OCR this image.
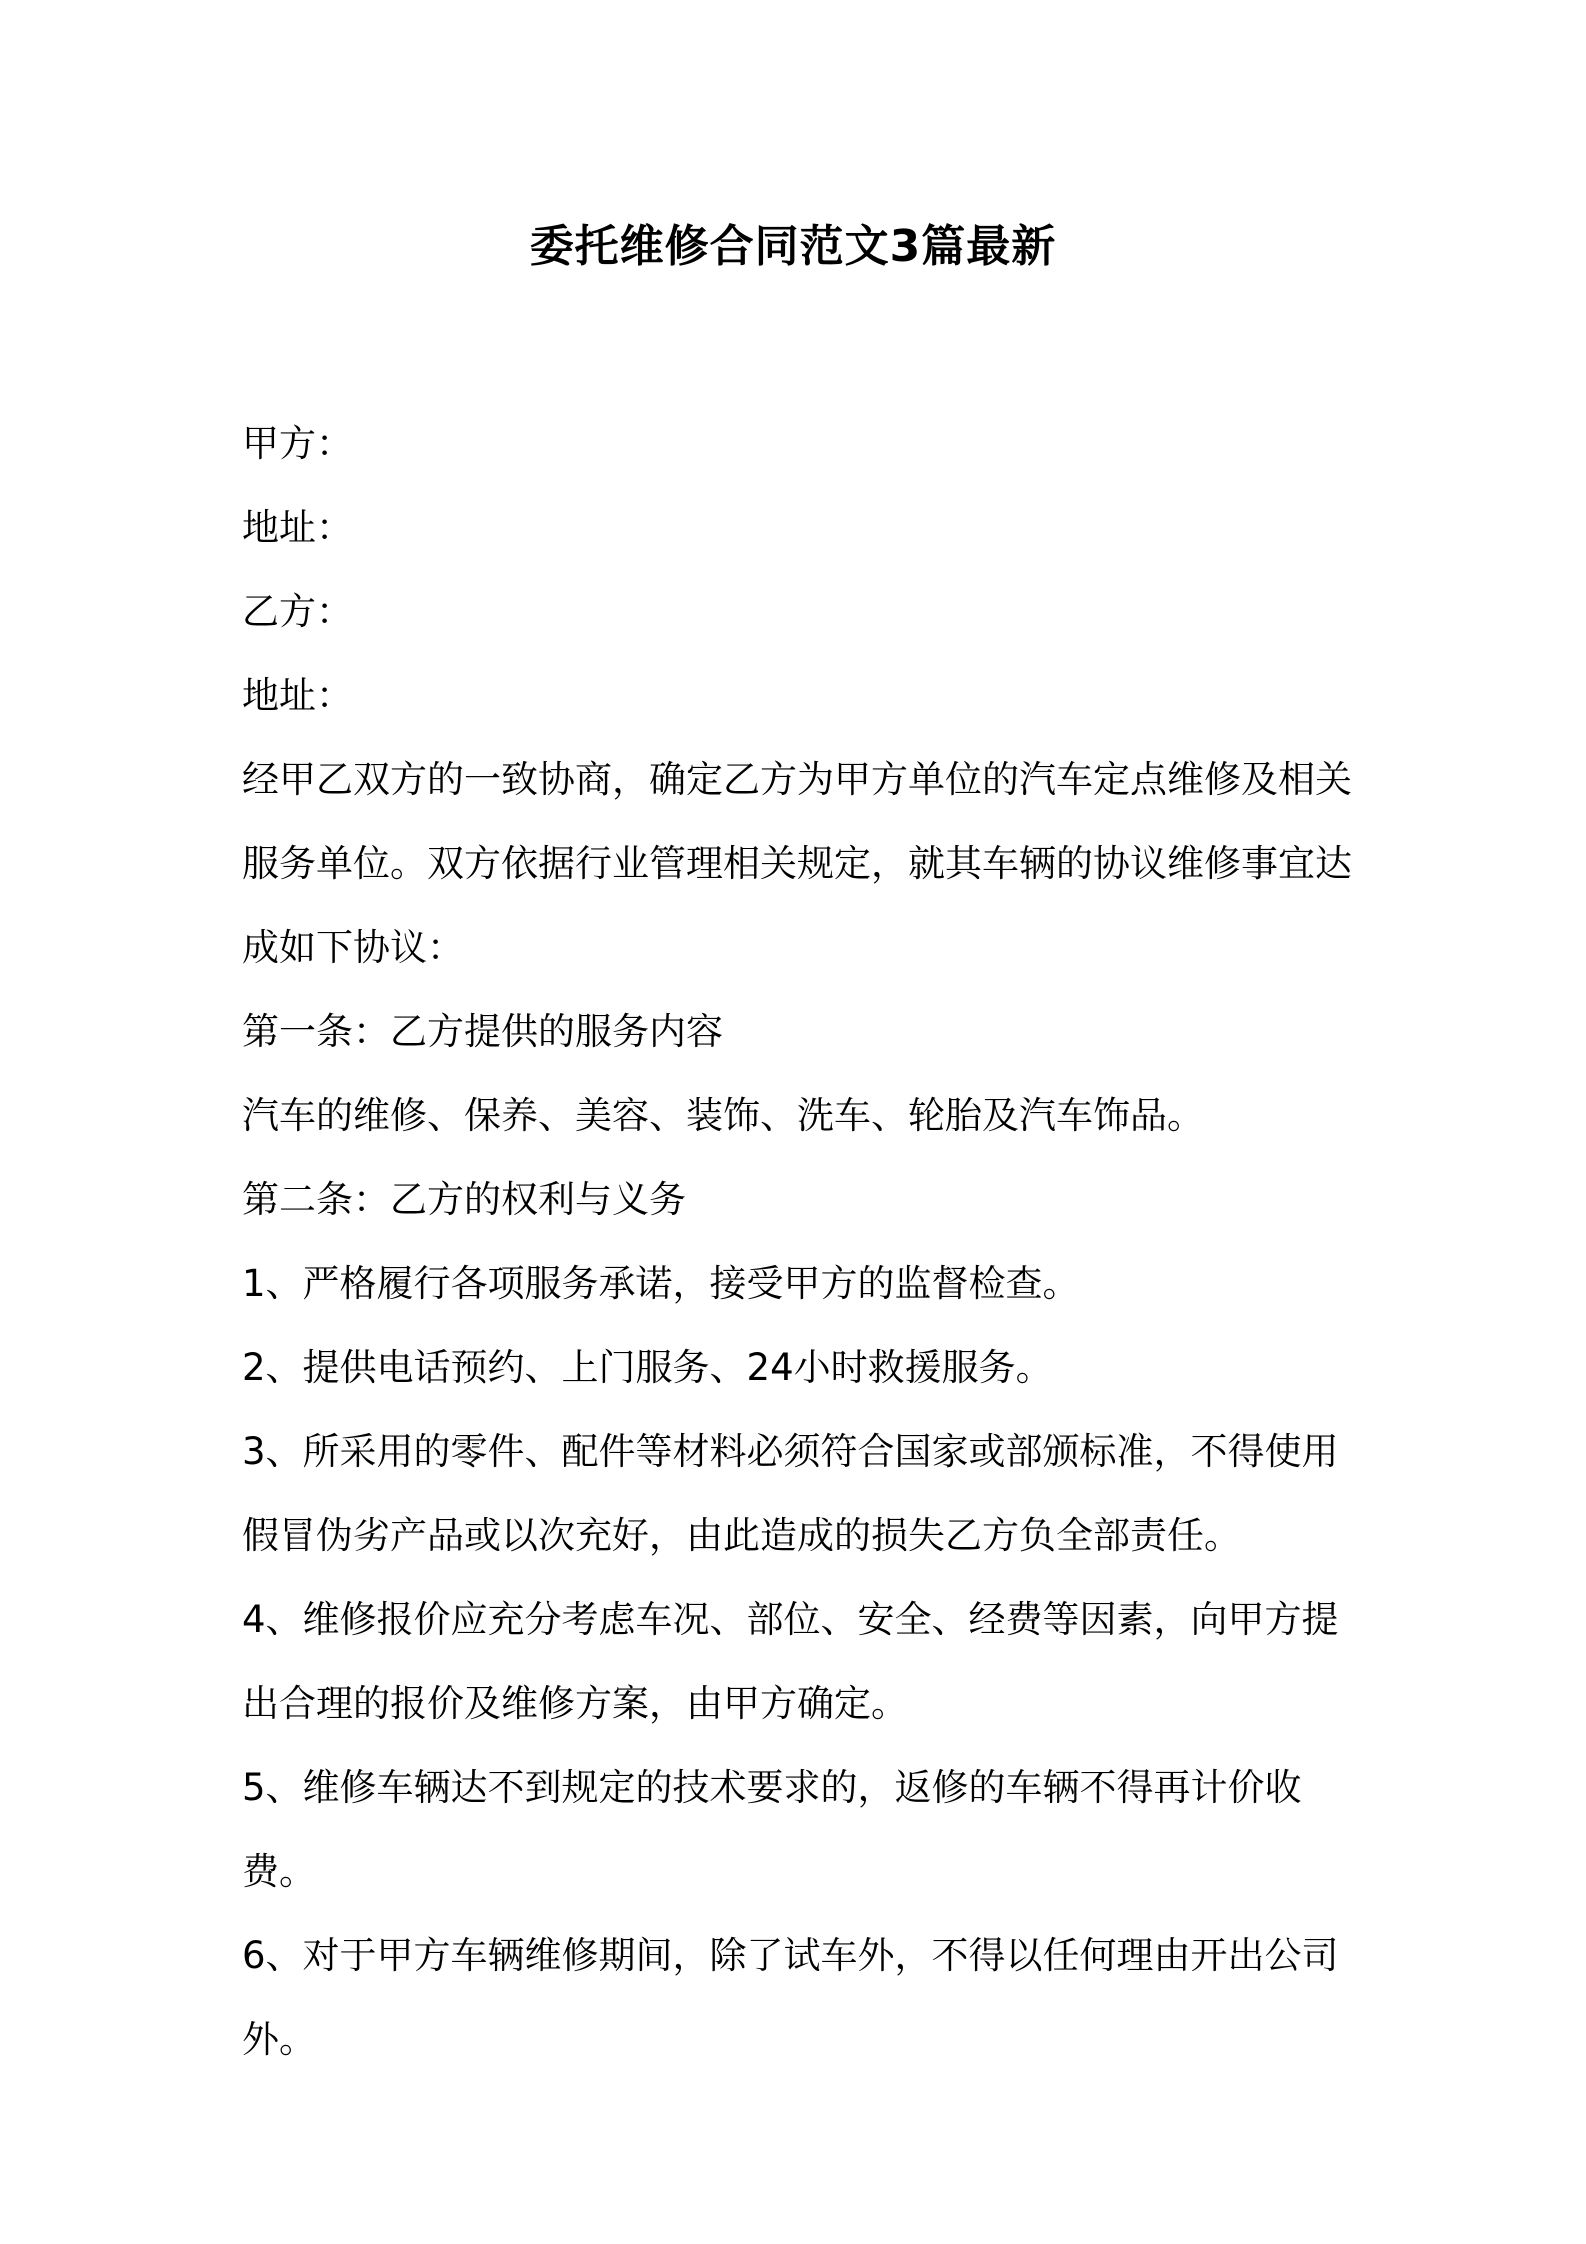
委托维修合同范文3篇最新

甲方：

地址：

乙方：

地址：

经甲乙双方的一致协商，确定乙方为甲方单位的汽车定点维修及相关服务单位。双方依据行业管理相关规定，就其车辆的协议维修事宜达成如下协议：

第一条：乙方提供的服务内容

汽车的维修、保养、美容、装饰、洗车、轮胎及汽车饰品。

第二条：乙方的权利与义务

1、严格履行各项服务承诺，接受甲方的监督检查。

2、提供电话预约、上门服务、24小时救援服务。

3、所采用的零件、配件等材料必须符合国家或部颁标准，不得使用假冒伪劣产品或以次充好，由此造成的损失乙方负全部责任。

4、维修报价应充分考虑车况、部位、安全、经费等因素，向甲方提出合理的报价及维修方案，由甲方确定。

5、维修车辆达不到规定的技术要求的，返修的车辆不得再计价收费。

6、对于甲方车辆维修期间，除了试车外，不得以任何理由开出公司外。
